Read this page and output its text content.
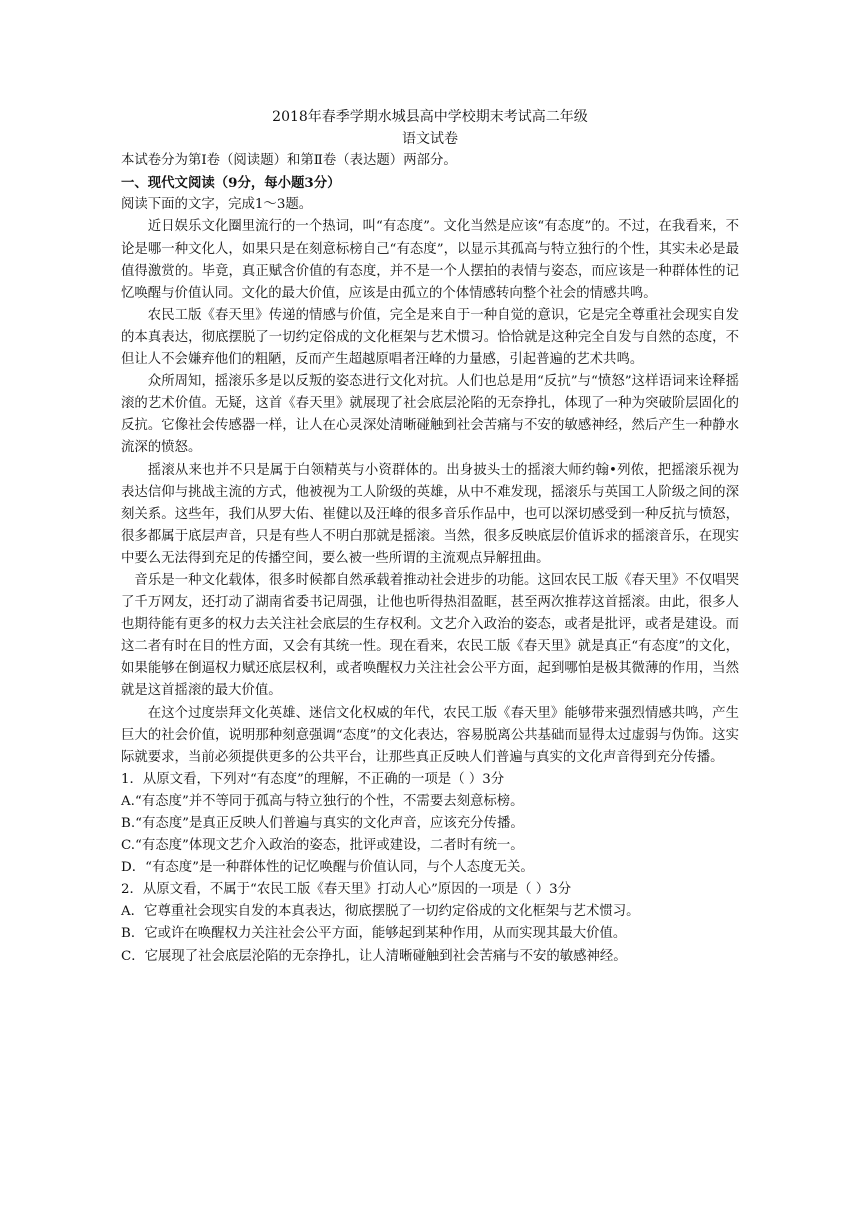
2018年春季学期水城县高中学校期末考试高二年级
语文试卷
本试卷分为第Ⅰ卷（阅读题）和第Ⅱ卷（表达题）两部分。
一、现代文阅读（9分，每小题3分）
阅读下面的文字，完成1～3题。

近日娱乐文化圈里流行的一个热词，叫“有态度”。文化当然是应该“有态度”的。不过，在我看来，不论是哪一种文化人，如果只是在刻意标榜自己“有态度”，以显示其孤高与特立独行的个性，其实未必是最值得激赏的。毕竟，真正赋含价值的有态度，并不是一个人摆拍的表情与姿态，而应该是一种群体性的记忆唤醒与价值认同。文化的最大价值，应该是由孤立的个体情感转向整个社会的情感共鸣。

农民工版《春天里》传递的情感与价值，完全是来自于一种自觉的意识，它是完全尊重社会现实自发的本真表达，彻底摆脱了一切约定俗成的文化框架与艺术惯习。恰恰就是这种完全自发与自然的态度，不但让人不会嫌弃他们的粗陋，反而产生超越原唱者汪峰的力量感，引起普遍的艺术共鸣。

众所周知，摇滚乐多是以反叛的姿态进行文化对抗。人们也总是用“反抗”与“愤怒”这样语词来诠释摇滚的艺术价值。无疑，这首《春天里》就展现了社会底层沦陷的无奈挣扎，体现了一种为突破阶层固化的反抗。它像社会传感器一样，让人在心灵深处清晰碰触到社会苦痛与不安的敏感神经，然后产生一种静水流深的愤怒。

摇滚从来也并不只是属于白领精英与小资群体的。出身披头士的摇滚大师约翰•列侬，把摇滚乐视为表达信仰与挑战主流的方式，他被视为工人阶级的英雄，从中不难发现，摇滚乐与英国工人阶级之间的深刻关系。这些年，我们从罗大佑、崔健以及汪峰的很多音乐作品中，也可以深切感受到一种反抗与愤怒，很多都属于底层声音，只是有些人不明白那就是摇滚。当然，很多反映底层价值诉求的摇滚音乐，在现实中要么无法得到充足的传播空间，要么被一些所谓的主流观点异解扭曲。

音乐是一种文化载体，很多时候都自然承载着推动社会进步的功能。这回农民工版《春天里》不仅唱哭了千万网友，还打动了湖南省委书记周强，让他也听得热泪盈眶，甚至两次推荐这首摇滚。由此，很多人也期待能有更多的权力去关注社会底层的生存权利。文艺介入政治的姿态，或者是批评，或者是建设。而这二者有时在目的性方面，又会有其统一性。现在看来，农民工版《春天里》就是真正“有态度”的文化，如果能够在倒逼权力赋还底层权利，或者唤醒权力关注社会公平方面，起到哪怕是极其微薄的作用，当然就是这首摇滚的最大价值。

在这个过度崇拜文化英雄、迷信文化权威的年代，农民工版《春天里》能够带来强烈情感共鸣，产生巨大的社会价值，说明那种刻意强调“态度”的文化表达，容易脱离公共基础而显得太过虚弱与伪饰。这实际就要求，当前必须提供更多的公共平台，让那些真正反映人们普遍与真实的文化声音得到充分传播。

1．从原文看，下列对“有态度”的理解，不正确的一项是（ ）3分
A.“有态度”并不等同于孤高与特立独行的个性，不需要去刻意标榜。
B.“有态度”是真正反映人们普遍与真实的文化声音，应该充分传播。
C.“有态度”体现文艺介入政治的姿态，批评或建设，二者时有统一。
D．“有态度”是一种群体性的记忆唤醒与价值认同，与个人态度无关。
2．从原文看，不属于“农民工版《春天里》打动人心”原因的一项是（ ）3分
A．它尊重社会现实自发的本真表达，彻底摆脱了一切约定俗成的文化框架与艺术惯习。
B．它或许在唤醒权力关注社会公平方面，能够起到某种作用，从而实现其最大价值。
C．它展现了社会底层沦陷的无奈挣扎，让人清晰碰触到社会苦痛与不安的敏感神经。
